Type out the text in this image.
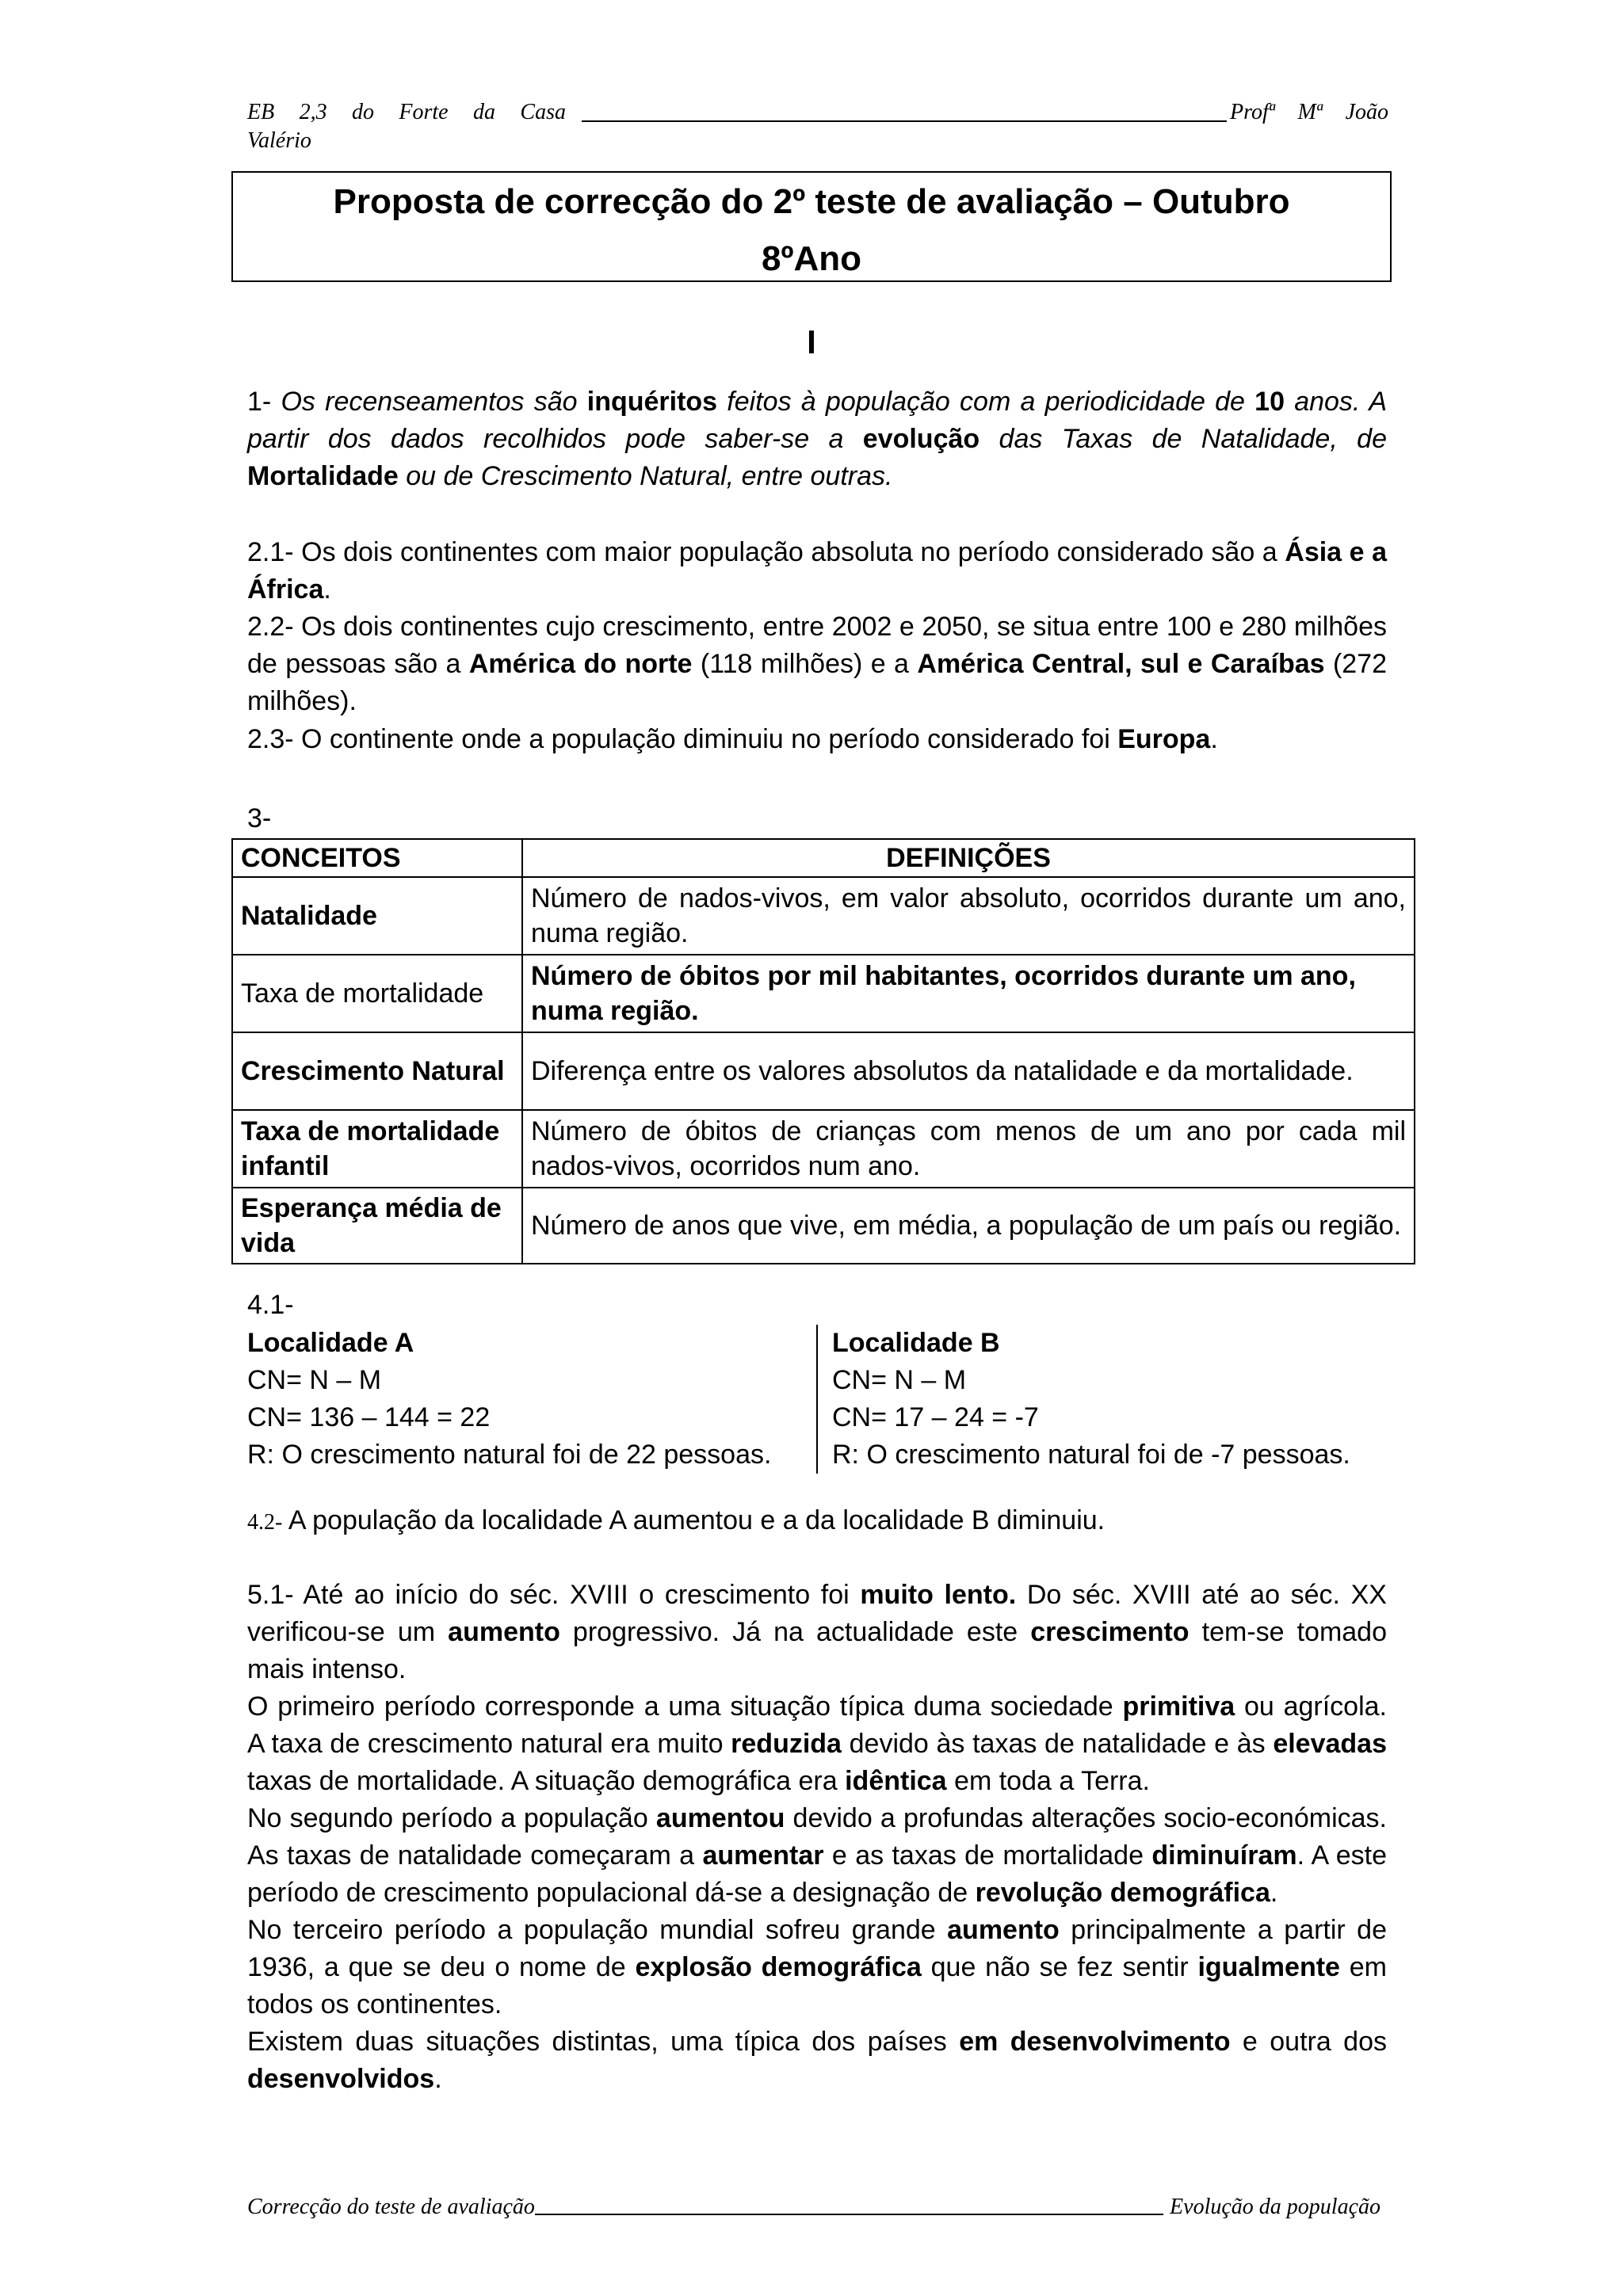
EB 2,3 do Forte da Casa	Profª Mª João
Valério
Proposta de correcção do 2º teste de avaliação – Outubro
8ºAno
I
1- Os recenseamentos são inquéritos feitos à população com a periodicidade de 10 anos. A partir dos dados recolhidos pode saber-se a evolução das Taxas de Natalidade, de Mortalidade ou de Crescimento Natural, entre outras.
2.1- Os dois continentes com maior população absoluta no período considerado são a Ásia e a África.
2.2- Os dois continentes cujo crescimento, entre 2002 e 2050, se situa entre 100 e 280 milhões de pessoas são a América do norte (118 milhões) e a América Central, sul e Caraíbas (272 milhões).
2.3- O continente onde a população diminuiu no período considerado foi Europa.
3-
CONCEITOS	DEFINIÇÕES
Natalidade	Número de nados-vivos, em valor absoluto, ocorridos durante um ano, numa região.
Taxa de mortalidade	Número de óbitos por mil habitantes, ocorridos durante um ano, numa região.
Crescimento Natural	Diferença entre os valores absolutos da natalidade e da mortalidade.
Taxa de mortalidade infantil	Número de óbitos de crianças com menos de um ano por cada mil nados-vivos, ocorridos num ano.
Esperança média de vida	Número de anos que vive, em média, a população de um país ou região.
4.1-
Localidade A
CN= N – M
CN= 136 – 144 = 22
R: O crescimento natural foi de 22 pessoas.
Localidade B
CN= N – M
CN= 17 – 24 = -7
R: O crescimento natural foi de -7 pessoas.
4.2- A população da localidade A aumentou e a da localidade B diminuiu.
5.1- Até ao início do séc. XVIII o crescimento foi muito lento. Do séc. XVIII até ao séc. XX verificou-se um aumento progressivo. Já na actualidade este crescimento tem-se tomado mais intenso.
O primeiro período corresponde a uma situação típica duma sociedade primitiva ou agrícola. A taxa de crescimento natural era muito reduzida devido às taxas de natalidade e às elevadas taxas de mortalidade. A situação demográfica era idêntica em toda a Terra.
No segundo período a população aumentou devido a profundas alterações socio-económicas. As taxas de natalidade começaram a aumentar e as taxas de mortalidade diminuíram. A este período de crescimento populacional dá-se a designação de revolução demográfica.
No terceiro período a população mundial sofreu grande aumento principalmente a partir de 1936, a que se deu o nome de explosão demográfica que não se fez sentir igualmente em todos os continentes.
Existem duas situações distintas, uma típica dos países em desenvolvimento e outra dos desenvolvidos.
Correcção do teste de avaliação	Evolução da população
